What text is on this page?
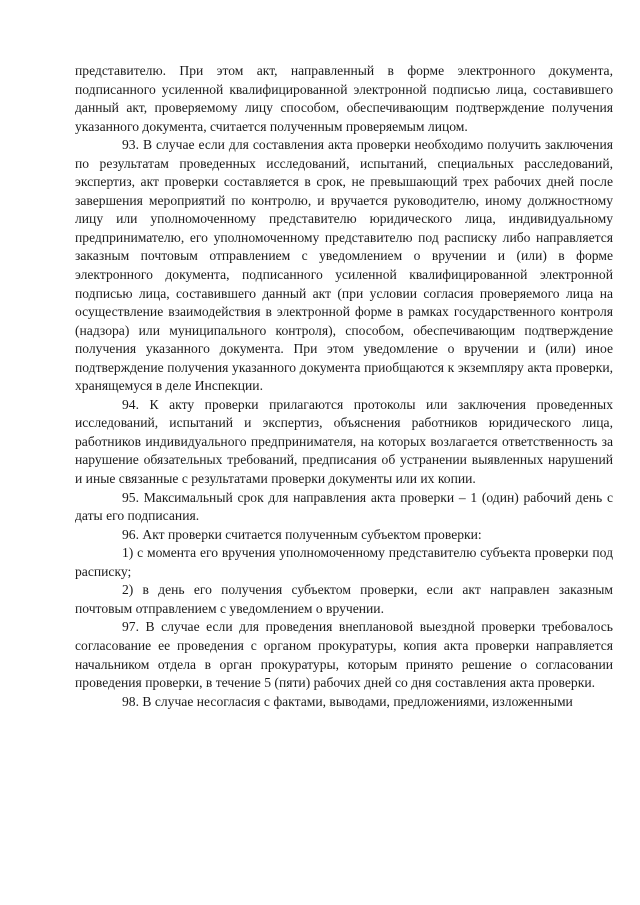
представителю. При этом акт, направленный в форме электронного документа, подписанного усиленной квалифицированной электронной подписью лица, составившего данный акт, проверяемому лицу способом, обеспечивающим подтверждение получения указанного документа, считается полученным проверяемым лицом.

93. В случае если для составления акта проверки необходимо получить заключения по результатам проведенных исследований, испытаний, специальных расследований, экспертиз, акт проверки составляется в срок, не превышающий трех рабочих дней после завершения мероприятий по контролю, и вручается руководителю, иному должностному лицу или уполномоченному представителю юридического лица, индивидуальному предпринимателю, его уполномоченному представителю под расписку либо направляется заказным почтовым отправлением с уведомлением о вручении и (или) в форме электронного документа, подписанного усиленной квалифицированной электронной подписью лица, составившего данный акт (при условии согласия проверяемого лица на осуществление взаимодействия в электронной форме в рамках государственного контроля (надзора) или муниципального контроля), способом, обеспечивающим подтверждение получения указанного документа. При этом уведомление о вручении и (или) иное подтверждение получения указанного документа приобщаются к экземпляру акта проверки, хранящемуся в деле Инспекции.

94. К акту проверки прилагаются протоколы или заключения проведенных исследований, испытаний и экспертиз, объяснения работников юридического лица, работников индивидуального предпринимателя, на которых возлагается ответственность за нарушение обязательных требований, предписания об устранении выявленных нарушений и иные связанные с результатами проверки документы или их копии.

95. Максимальный срок для направления акта проверки – 1 (один) рабочий день с даты его подписания.

96. Акт проверки считается полученным субъектом проверки:

1) с момента его вручения уполномоченному представителю субъекта проверки под расписку;

2) в день его получения субъектом проверки, если акт направлен заказным почтовым отправлением с уведомлением о вручении.

97. В случае если для проведения внеплановой выездной проверки требовалось согласование ее проведения с органом прокуратуры, копия акта проверки направляется начальником отдела в орган прокуратуры, которым принято решение о согласовании проведения проверки, в течение 5 (пяти) рабочих дней со дня составления акта проверки.

98. В случае несогласия с фактами, выводами, предложениями, изложенными
